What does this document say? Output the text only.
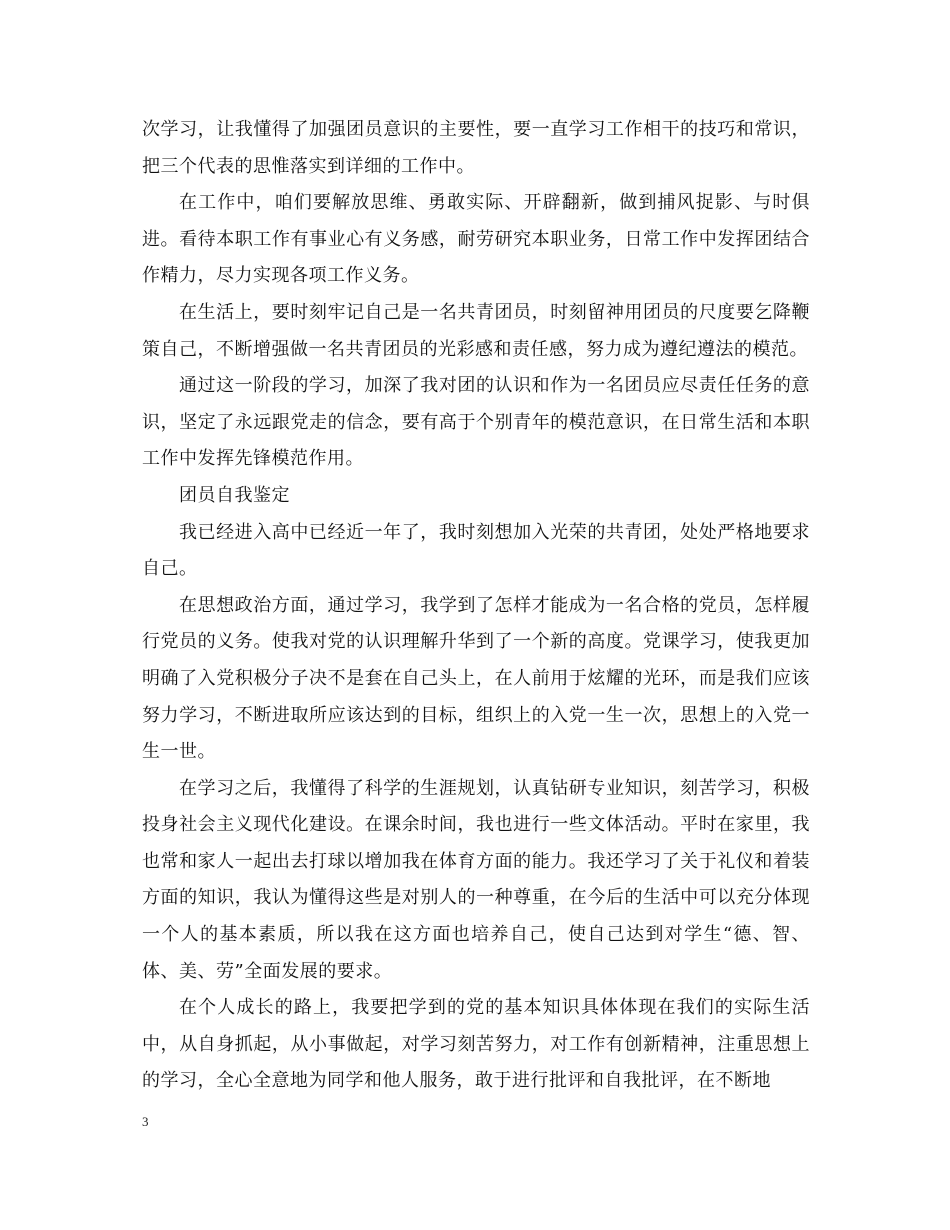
次学习，让我懂得了加强团员意识的主要性，要一直学习工作相干的技巧和常识，把三个代表的思惟落实到详细的工作中。

在工作中，咱们要解放思维、勇敢实际、开辟翻新，做到捕风捉影、与时俱进。看待本职工作有事业心有义务感，耐劳研究本职业务，日常工作中发挥团结合作精力，尽力实现各项工作义务。

在生活上，要时刻牢记自己是一名共青团员，时刻留神用团员的尺度要乞降鞭策自己，不断增强做一名共青团员的光彩感和责任感，努力成为遵纪遵法的模范。

通过这一阶段的学习，加深了我对团的认识和作为一名团员应尽责任任务的意识，坚定了永远跟党走的信念，要有高于个别青年的模范意识，在日常生活和本职工作中发挥先锋模范作用。

团员自我鉴定

我已经进入高中已经近一年了，我时刻想加入光荣的共青团，处处严格地要求自己。

在思想政治方面，通过学习，我学到了怎样才能成为一名合格的党员，怎样履行党员的义务。使我对党的认识理解升华到了一个新的高度。党课学习，使我更加明确了入党积极分子决不是套在自己头上，在人前用于炫耀的光环，而是我们应该努力学习，不断进取所应该达到的目标，组织上的入党一生一次，思想上的入党一生一世。

在学习之后，我懂得了科学的生涯规划，认真钻研专业知识，刻苦学习，积极投身社会主义现代化建设。在课余时间，我也进行一些文体活动。平时在家里，我也常和家人一起出去打球以增加我在体育方面的能力。我还学习了关于礼仪和着装方面的知识，我认为懂得这些是对别人的一种尊重，在今后的生活中可以充分体现一个人的基本素质，所以我在这方面也培养自己，使自己达到对学生“德、智、体、美、劳”全面发展的要求。

在个人成长的路上，我要把学到的党的基本知识具体体现在我们的实际生活中，从自身抓起，从小事做起，对学习刻苦努力，对工作有创新精神，注重思想上的学习，全心全意地为同学和他人服务，敢于进行批评和自我批评，在不断地

3
